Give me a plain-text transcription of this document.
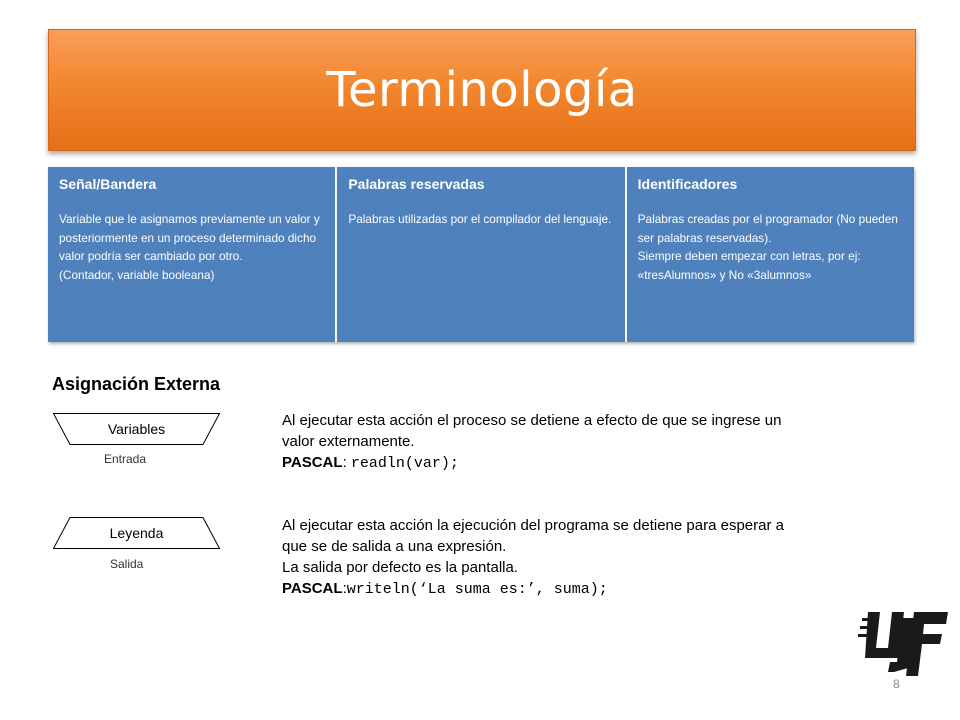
Terminología
Señal/Bandera
Variable que le asignamos previamente un valor y posteriormente en un proceso determinado dicho valor podría ser cambiado por otro.
(Contador, variable booleana)
Palabras reservadas
Palabras utilizadas por el compilador del lenguaje.
Identificadores
Palabras creadas por el programador (No pueden ser palabras reservadas).
Siempre deben empezar con letras, por ej: «tresAlumnos» y No «3alumnos»
Asignación Externa
Variables
Entrada
Al ejecutar esta acción el proceso se detiene a efecto de que se ingrese un
valor externamente.
PASCAL: readln(var);
Leyenda
Salida
Al ejecutar esta acción la ejecución del programa se detiene para esperar a
que se de salida a una expresión.
La salida por defecto es la pantalla.
PASCAL:writeln(‘La suma es:’, suma);
8
